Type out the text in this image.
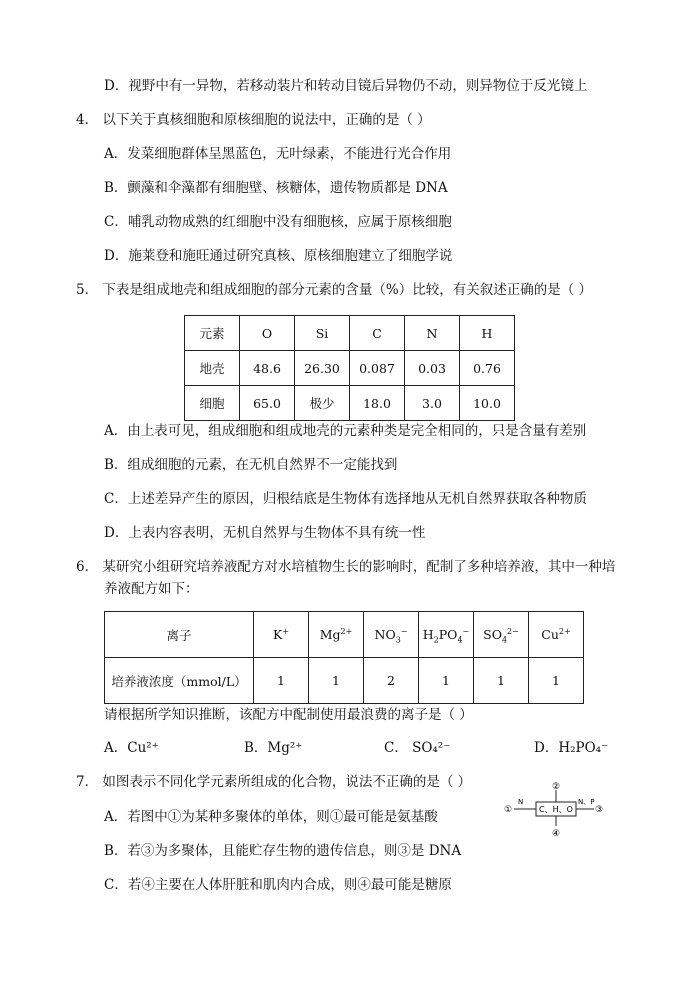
D．视野中有一异物，若移动装片和转动目镜后异物仍不动，则异物位于反光镜上
4． 以下关于真核细胞和原核细胞的说法中，正确的是（ ）
A．发菜细胞群体呈黑蓝色，无叶绿素，不能进行光合作用
B．颤藻和伞藻都有细胞壁、核糖体，遗传物质都是 DNA
C．哺乳动物成熟的红细胞中没有细胞核，应属于原核细胞
D．施莱登和施旺通过研究真核、原核细胞建立了细胞学说
5． 下表是组成地壳和组成细胞的部分元素的含量（%）比较，有关叙述正确的是（ ）
元素	O	Si	C	N	H
地壳	48.6	26.30	0.087	0.03	0.76
细胞	65.0	极少	18.0	3.0	10.0
A．由上表可见，组成细胞和组成地壳的元素种类是完全相同的，只是含量有差别
B．组成细胞的元素，在无机自然界不一定能找到
C．上述差异产生的原因，归根结底是生物体有选择地从无机自然界获取各种物质
D．上表内容表明，无机自然界与生物体不具有统一性
6． 某研究小组研究培养液配方对水培植物生长的影响时，配制了多种培养液，其中一种培
养液配方如下：
离子	K+	$Mg^{2+}$	$NO_3^-$	$H_2PO_4^-$	$SO_4^{2-}$	$Cu^{2+}$
培养液浓度（mmol/L）	1	1	2	1	1	1
请根据所学知识推断，该配方中配制使用最浪费的离子是（ ）
A．Cu²⁺	B．Mg²⁺	C． SO₄²⁻	D．H₂PO₄⁻
7． 如图表示不同化学元素所组成的化合物，说法不正确的是（ ）
A．若图中①为某种多聚体的单体，则①最可能是氨基酸
B．若③为多聚体，且能贮存生物的遗传信息，则③是 DNA
C．若④主要在人体肝脏和肌肉内合成，则④最可能是糖原
C、H、O
N	N、P
①
②
③
④
